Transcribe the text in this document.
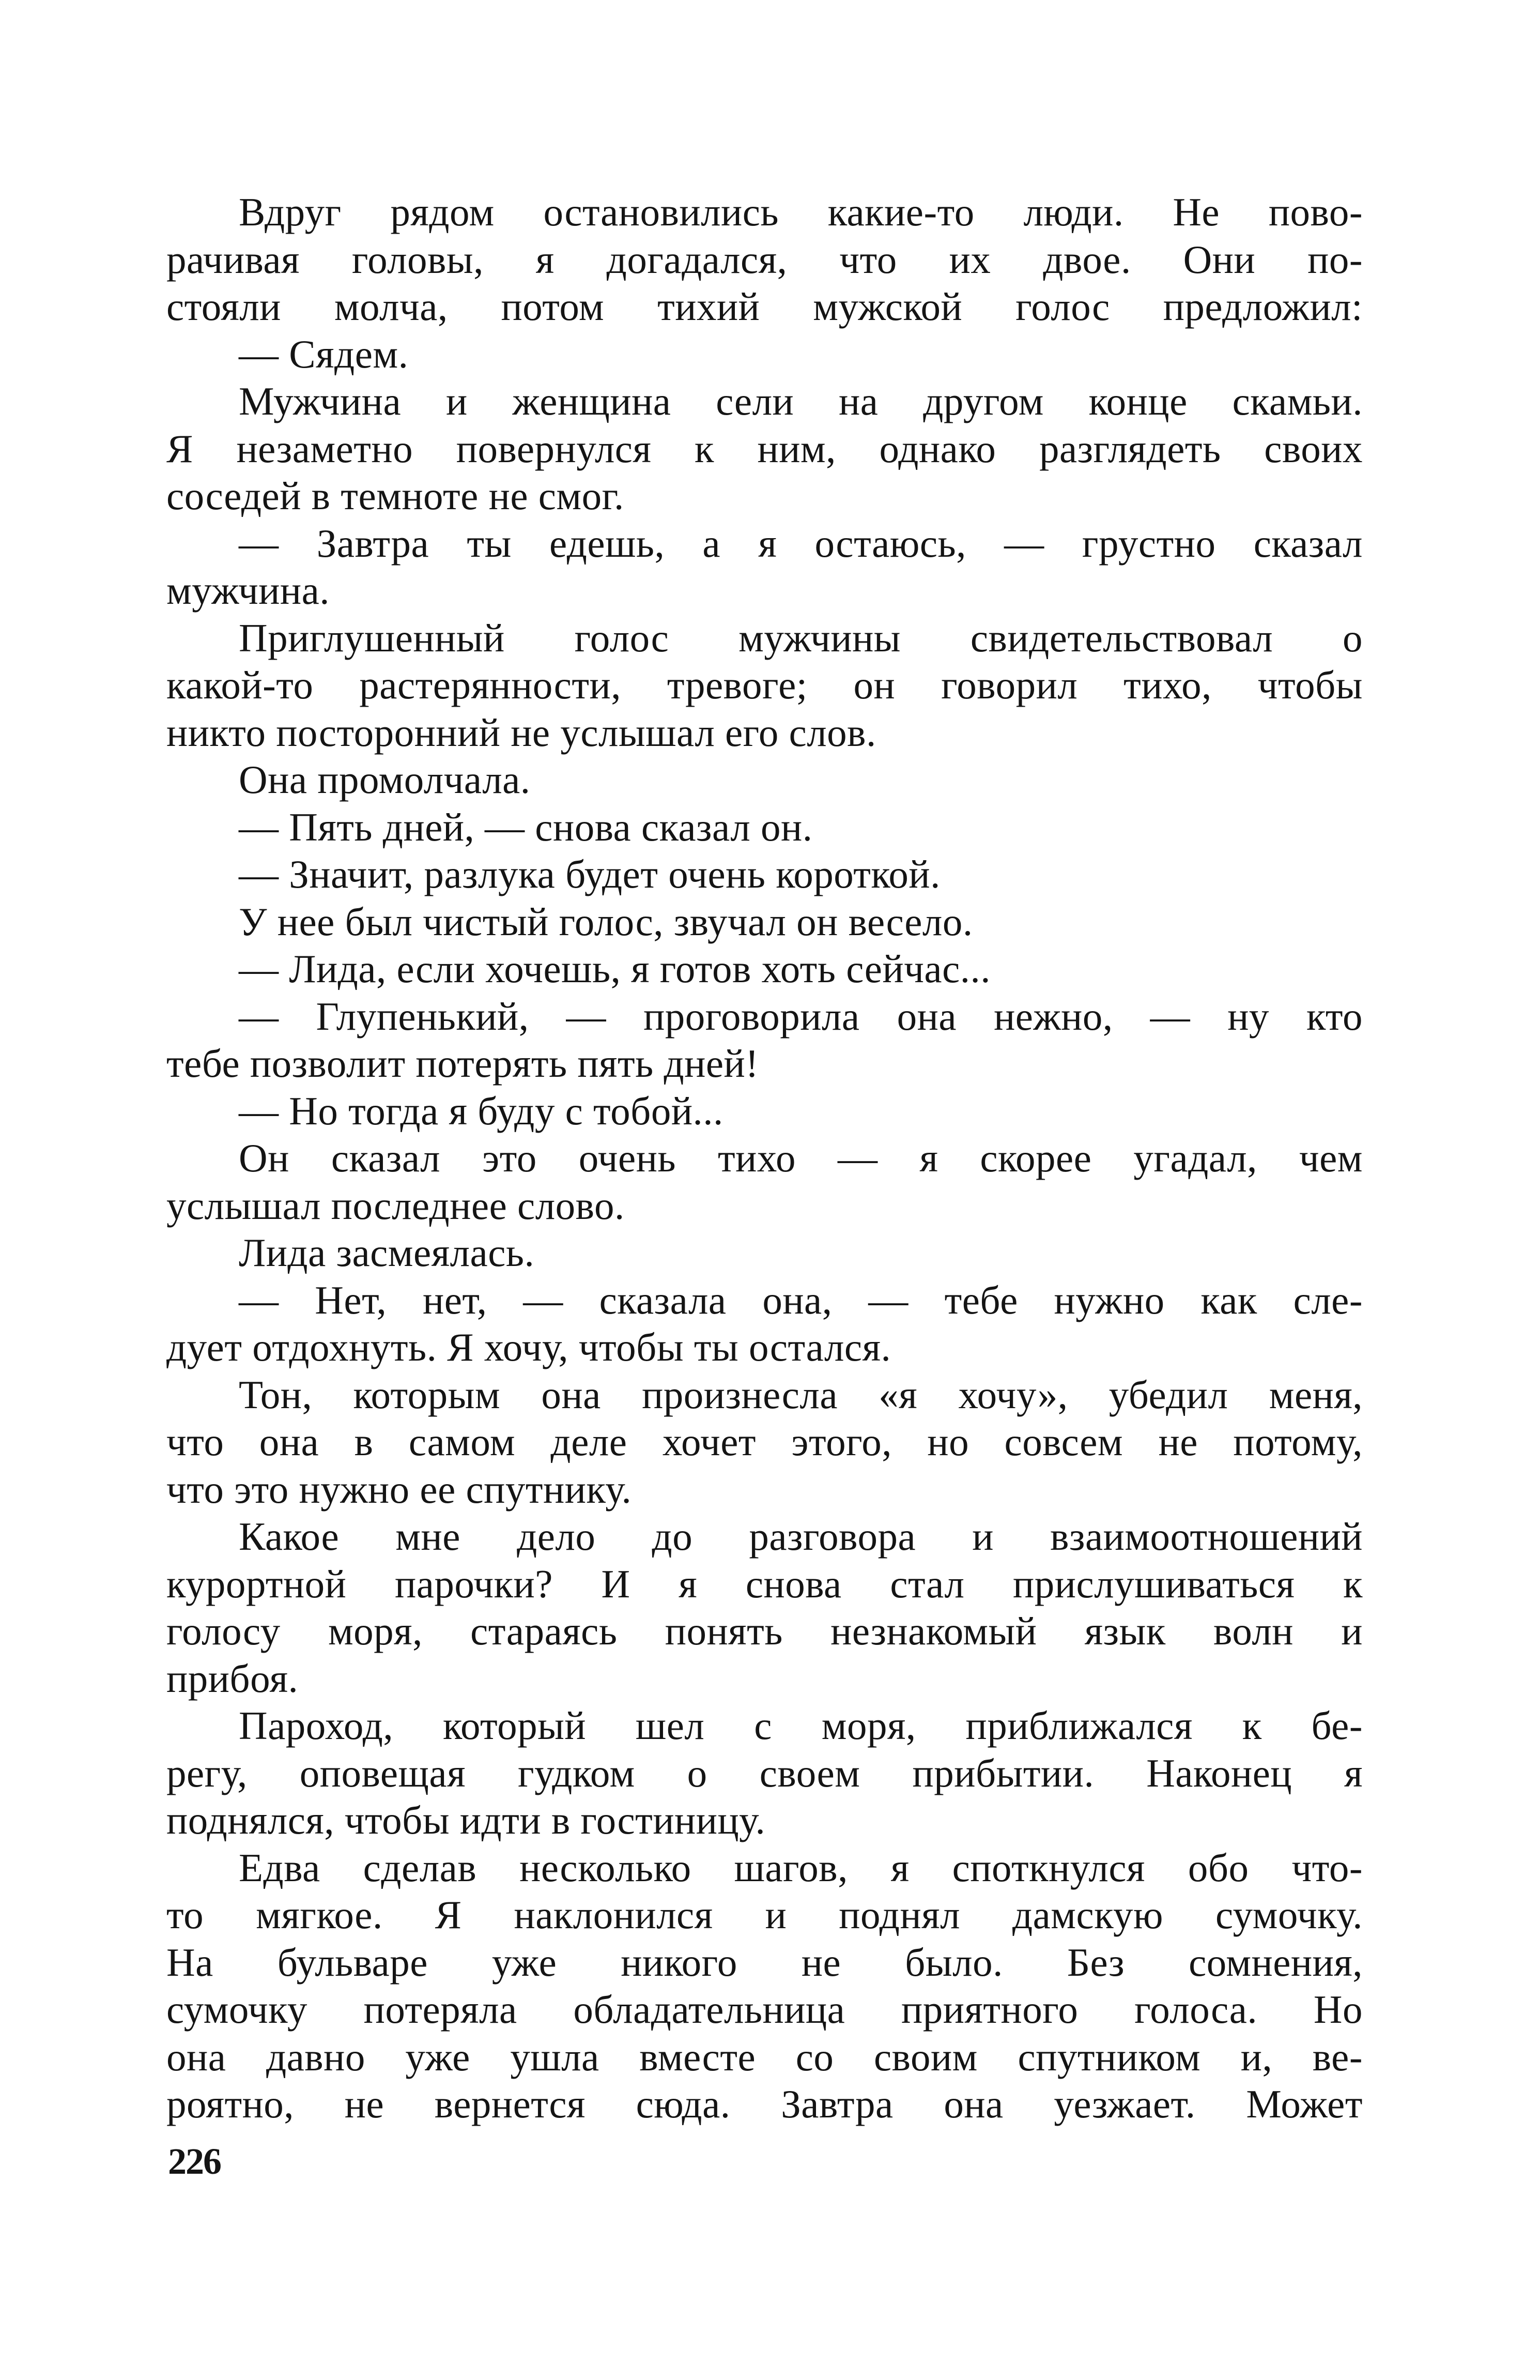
Вдруг рядом остановились какие-то люди. Не пово-
рачивая головы, я догадался, что их двое. Они по-
стояли молча, потом тихий мужской голос предложил:
— Сядем.
Мужчина и женщина сели на другом конце скамьи.
Я незаметно повернулся к ним, однако разглядеть своих
соседей в темноте не смог.
— Завтра ты едешь, а я остаюсь, — грустно сказал
мужчина.
Приглушенный голос мужчины свидетельствовал о
какой-то растерянности, тревоге; он говорил тихо, чтобы
никто посторонний не услышал его слов.
Она промолчала.
— Пять дней, — снова сказал он.
— Значит, разлука будет очень короткой.
У нее был чистый голос, звучал он весело.
— Лида, если хочешь, я готов хоть сейчас...
— Глупенький, — проговорила она нежно, — ну кто
тебе позволит потерять пять дней!
— Но тогда я буду с тобой...
Он сказал это очень тихо — я скорее угадал, чем
услышал последнее слово.
Лида засмеялась.
— Нет, нет, — сказала она, — тебе нужно как сле-
дует отдохнуть. Я хочу, чтобы ты остался.
Тон, которым она произнесла «я хочу», убедил меня,
что она в самом деле хочет этого, но совсем не потому,
что это нужно ее спутнику.
Какое мне дело до разговора и взаимоотношений
курортной парочки? И я снова стал прислушиваться к
голосу моря, стараясь понять незнакомый язык волн и
прибоя.
Пароход, который шел с моря, приближался к бе-
регу, оповещая гудком о своем прибытии. Наконец я
поднялся, чтобы идти в гостиницу.
Едва сделав несколько шагов, я споткнулся обо что-
то мягкое. Я наклонился и поднял дамскую сумочку.
На бульваре уже никого не было. Без сомнения,
сумочку потеряла обладательница приятного голоса. Но
она давно уже ушла вместе со своим спутником и, ве-
роятно, не вернется сюда. Завтра она уезжает. Может
226
